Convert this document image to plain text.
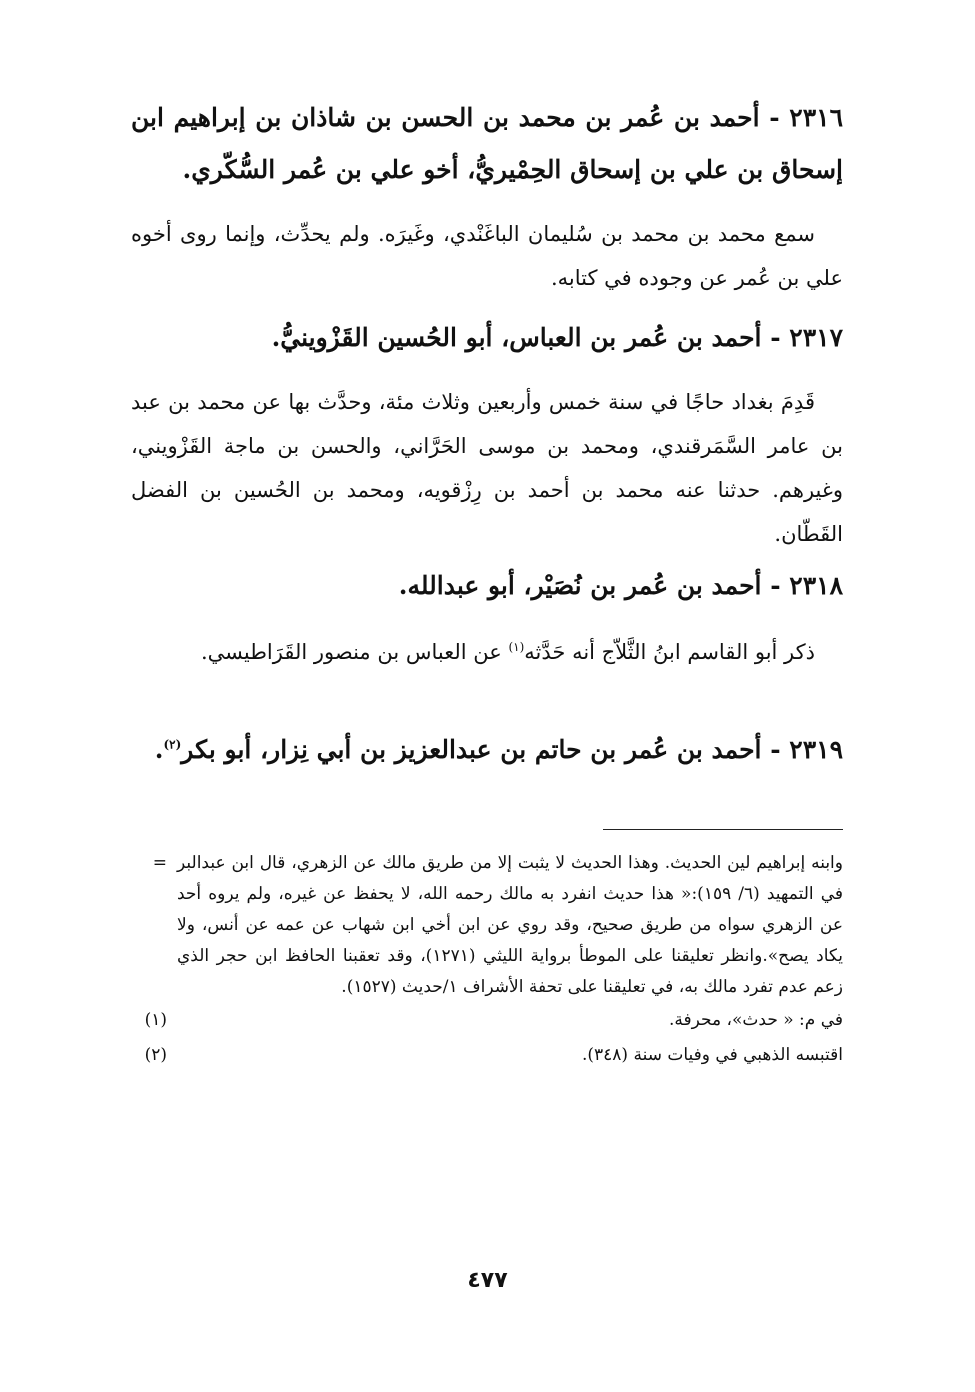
٢٣١٦ - أحمد بن عُمر بن محمد بن الحسن بن شاذان بن إبراهيم ابن إسحاق بن علي بن إسحاق الحِمْيريُّ، أخو علي بن عُمر السُّكّري.
سمع محمد بن محمد بن سُليمان الباغَنْدي، وغَيرَه. ولم يحدِّث، وإنما روى أخوه علي بن عُمر عن وجوده في كتابه.
٢٣١٧ - أحمد بن عُمر بن العباس، أبو الحُسين القَزْوينيُّ.
قَدِمَ بغداد حاجًا في سنة خمس وأربعين وثلاث مئة، وحدَّث بها عن محمد بن عبد بن عامر السَّمَرقندي، ومحمد بن موسى الحَرَّاني، والحسن بن ماجة القَزْويني، وغيرهم. حدثنا عنه محمد بن أحمد بن رِزْقويه، ومحمد بن الحُسين بن الفضل القَطّان.
٢٣١٨ - أحمد بن عُمر بن نُصَيْر، أبو عبدالله.
ذكر أبو القاسم ابنُ الثَّلاّج أنه حَدَّثه$^{(١)}$ عن العباس بن منصور القَرَاطيسي.
٢٣١٩ - أحمد بن عُمر بن حاتم بن عبدالعزيز بن أبي نِزار، أبو بكر$^{(٢)}$.
وابنه إبراهيم لين الحديث. وهذا الحديث لا يثبت إلا من طريق مالك عن الزهري، قال ابن عبدالبر في التمهيد (٦/ ١٥٩):« هذا حديث انفرد به مالك رحمه الله، لا يحفظ عن غيره، ولم يروه أحد عن الزهري سواه من طريق صحيح، وقد روي عن ابن أخي ابن شهاب عن عمه عن أنس، ولا يكاد يصح».وانظر تعليقنا على الموطأ برواية الليثي (١٢٧١)، وقد تعقبنا الحافظ ابن حجر الذي زعم عدم تفرد مالك به، في تعليقنا على تحفة الأشراف ١/حديث (١٥٢٧).
=
في م: « حدث»، محرفة.
(١)
اقتبسه الذهبي في وفيات سنة (٣٤٨).
(٢)
٤٧٧
